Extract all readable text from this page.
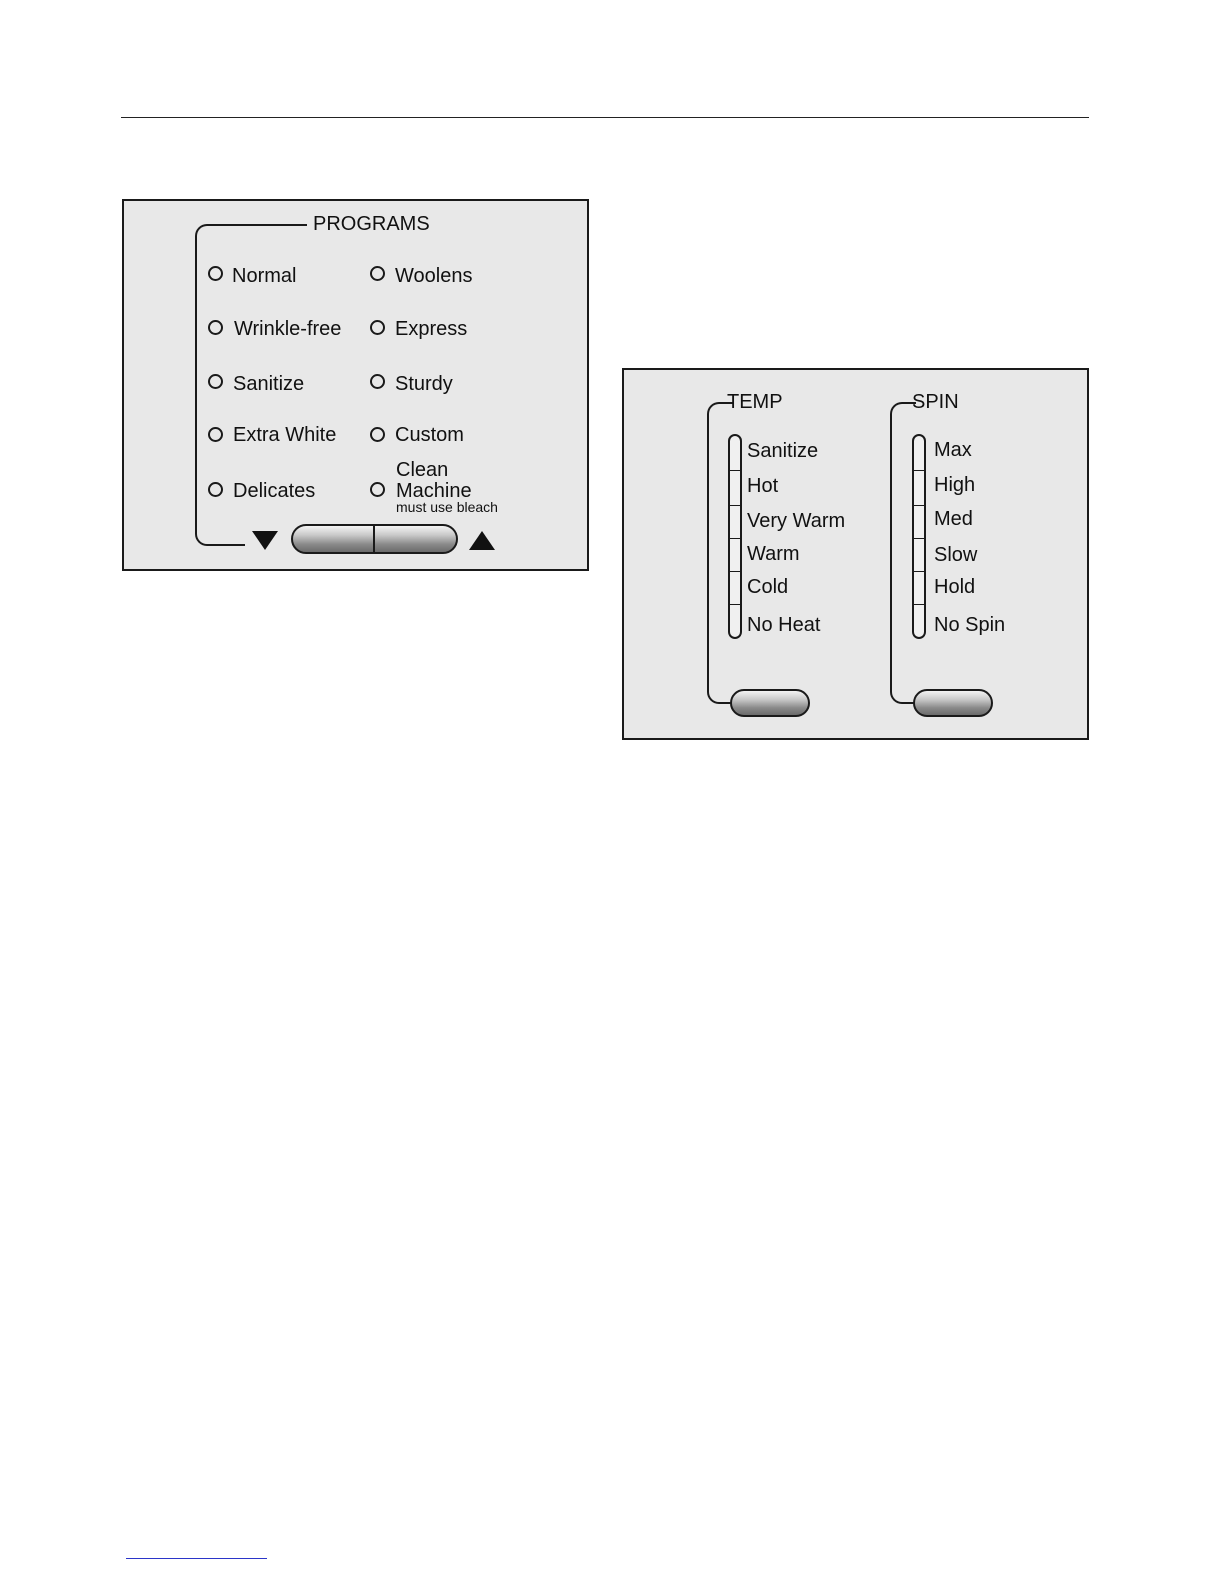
PROGRAMS
Normal
Wrinkle-free
Sanitize
Extra White
Delicates
Woolens
Express
Sturdy
Custom
Clean
Machine
must use bleach
TEMP
Sanitize
Hot
Very Warm
Warm
Cold
No Heat
SPIN
Max
High
Med
Slow
Hold
No Spin
